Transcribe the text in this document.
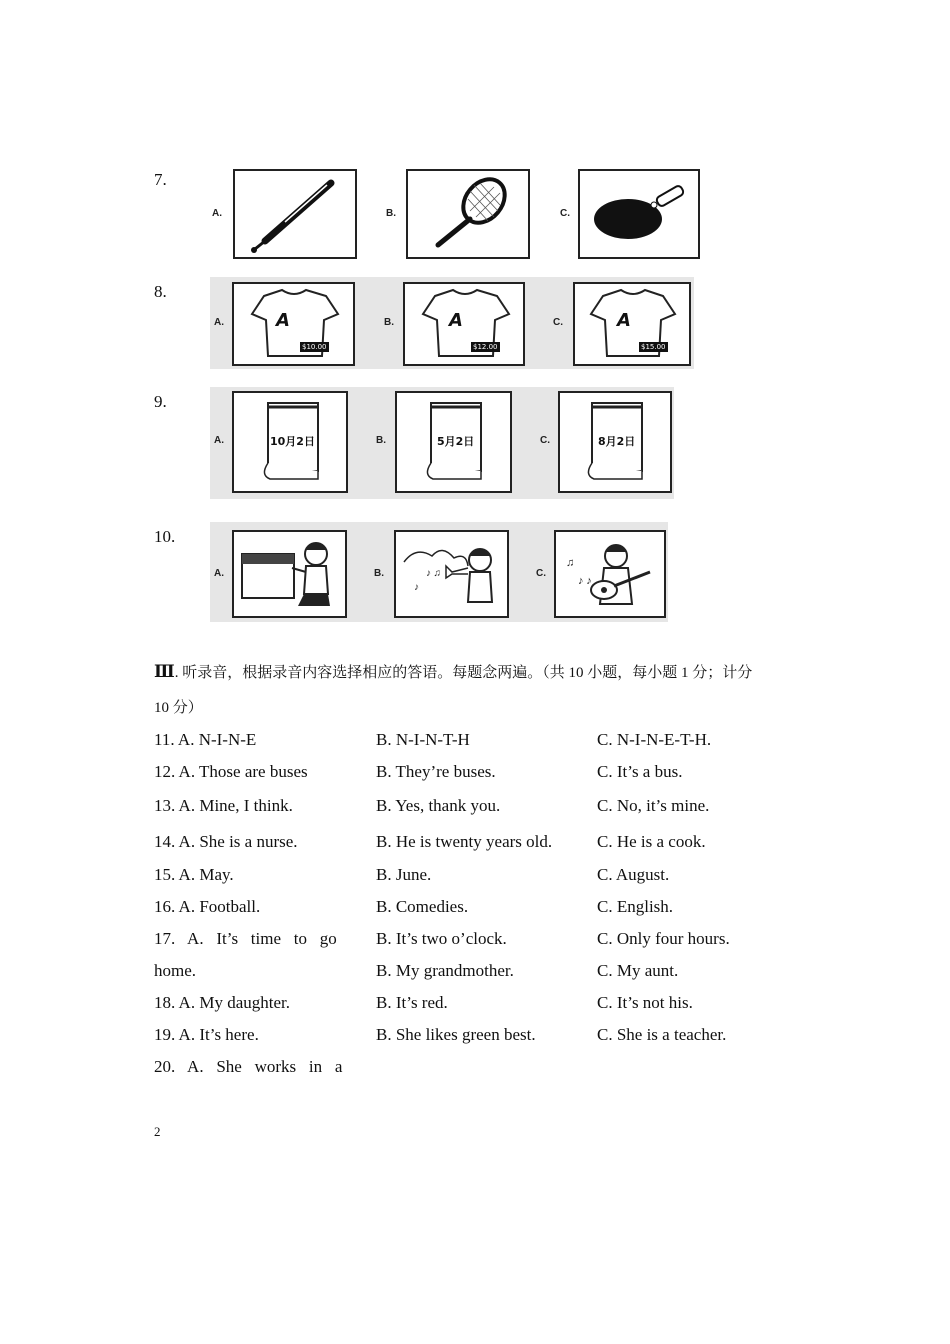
7.
A.	B.	C.
8.
A.	A
$10.00
B.	A
$12.00
C.	A
$15.00
9.
A.	10月2日	B.	5月2日	C.	8月2日
10.
A.	B.	♪ ♫
♪
C.
♫
♪ ♪
Ⅲ. 听录音，根据录音内容选择相应的答语。每题念两遍。（共 10 小题，每小题 1 分；计分
10 分）
11. A. N-I-N-E	B. N-I-N-T-H	C. N-I-N-E-T-H.
12. A. Those are buses	B. They’re buses.	C. It’s a bus.
13. A. Mine, I think.	B. Yes, thank you.	C. No, it’s mine.
14. A. She is a nurse.	B. He is twenty years old.	C. He is a cook.
15. A. May.	B. June.	C. August.
16. A. Football.	B. Comedies.	C. English.
17.   A.   It’s   time   to   go	B. It’s two o’clock.	C. Only four hours.
home.	B. My grandmother.	C. My aunt.
18. A. My daughter.	B. It’s red.	C. It’s not his.
19. A. It’s here.	B. She likes green best.	C. She is a teacher.
20.   A.   She   works   in   a
2
